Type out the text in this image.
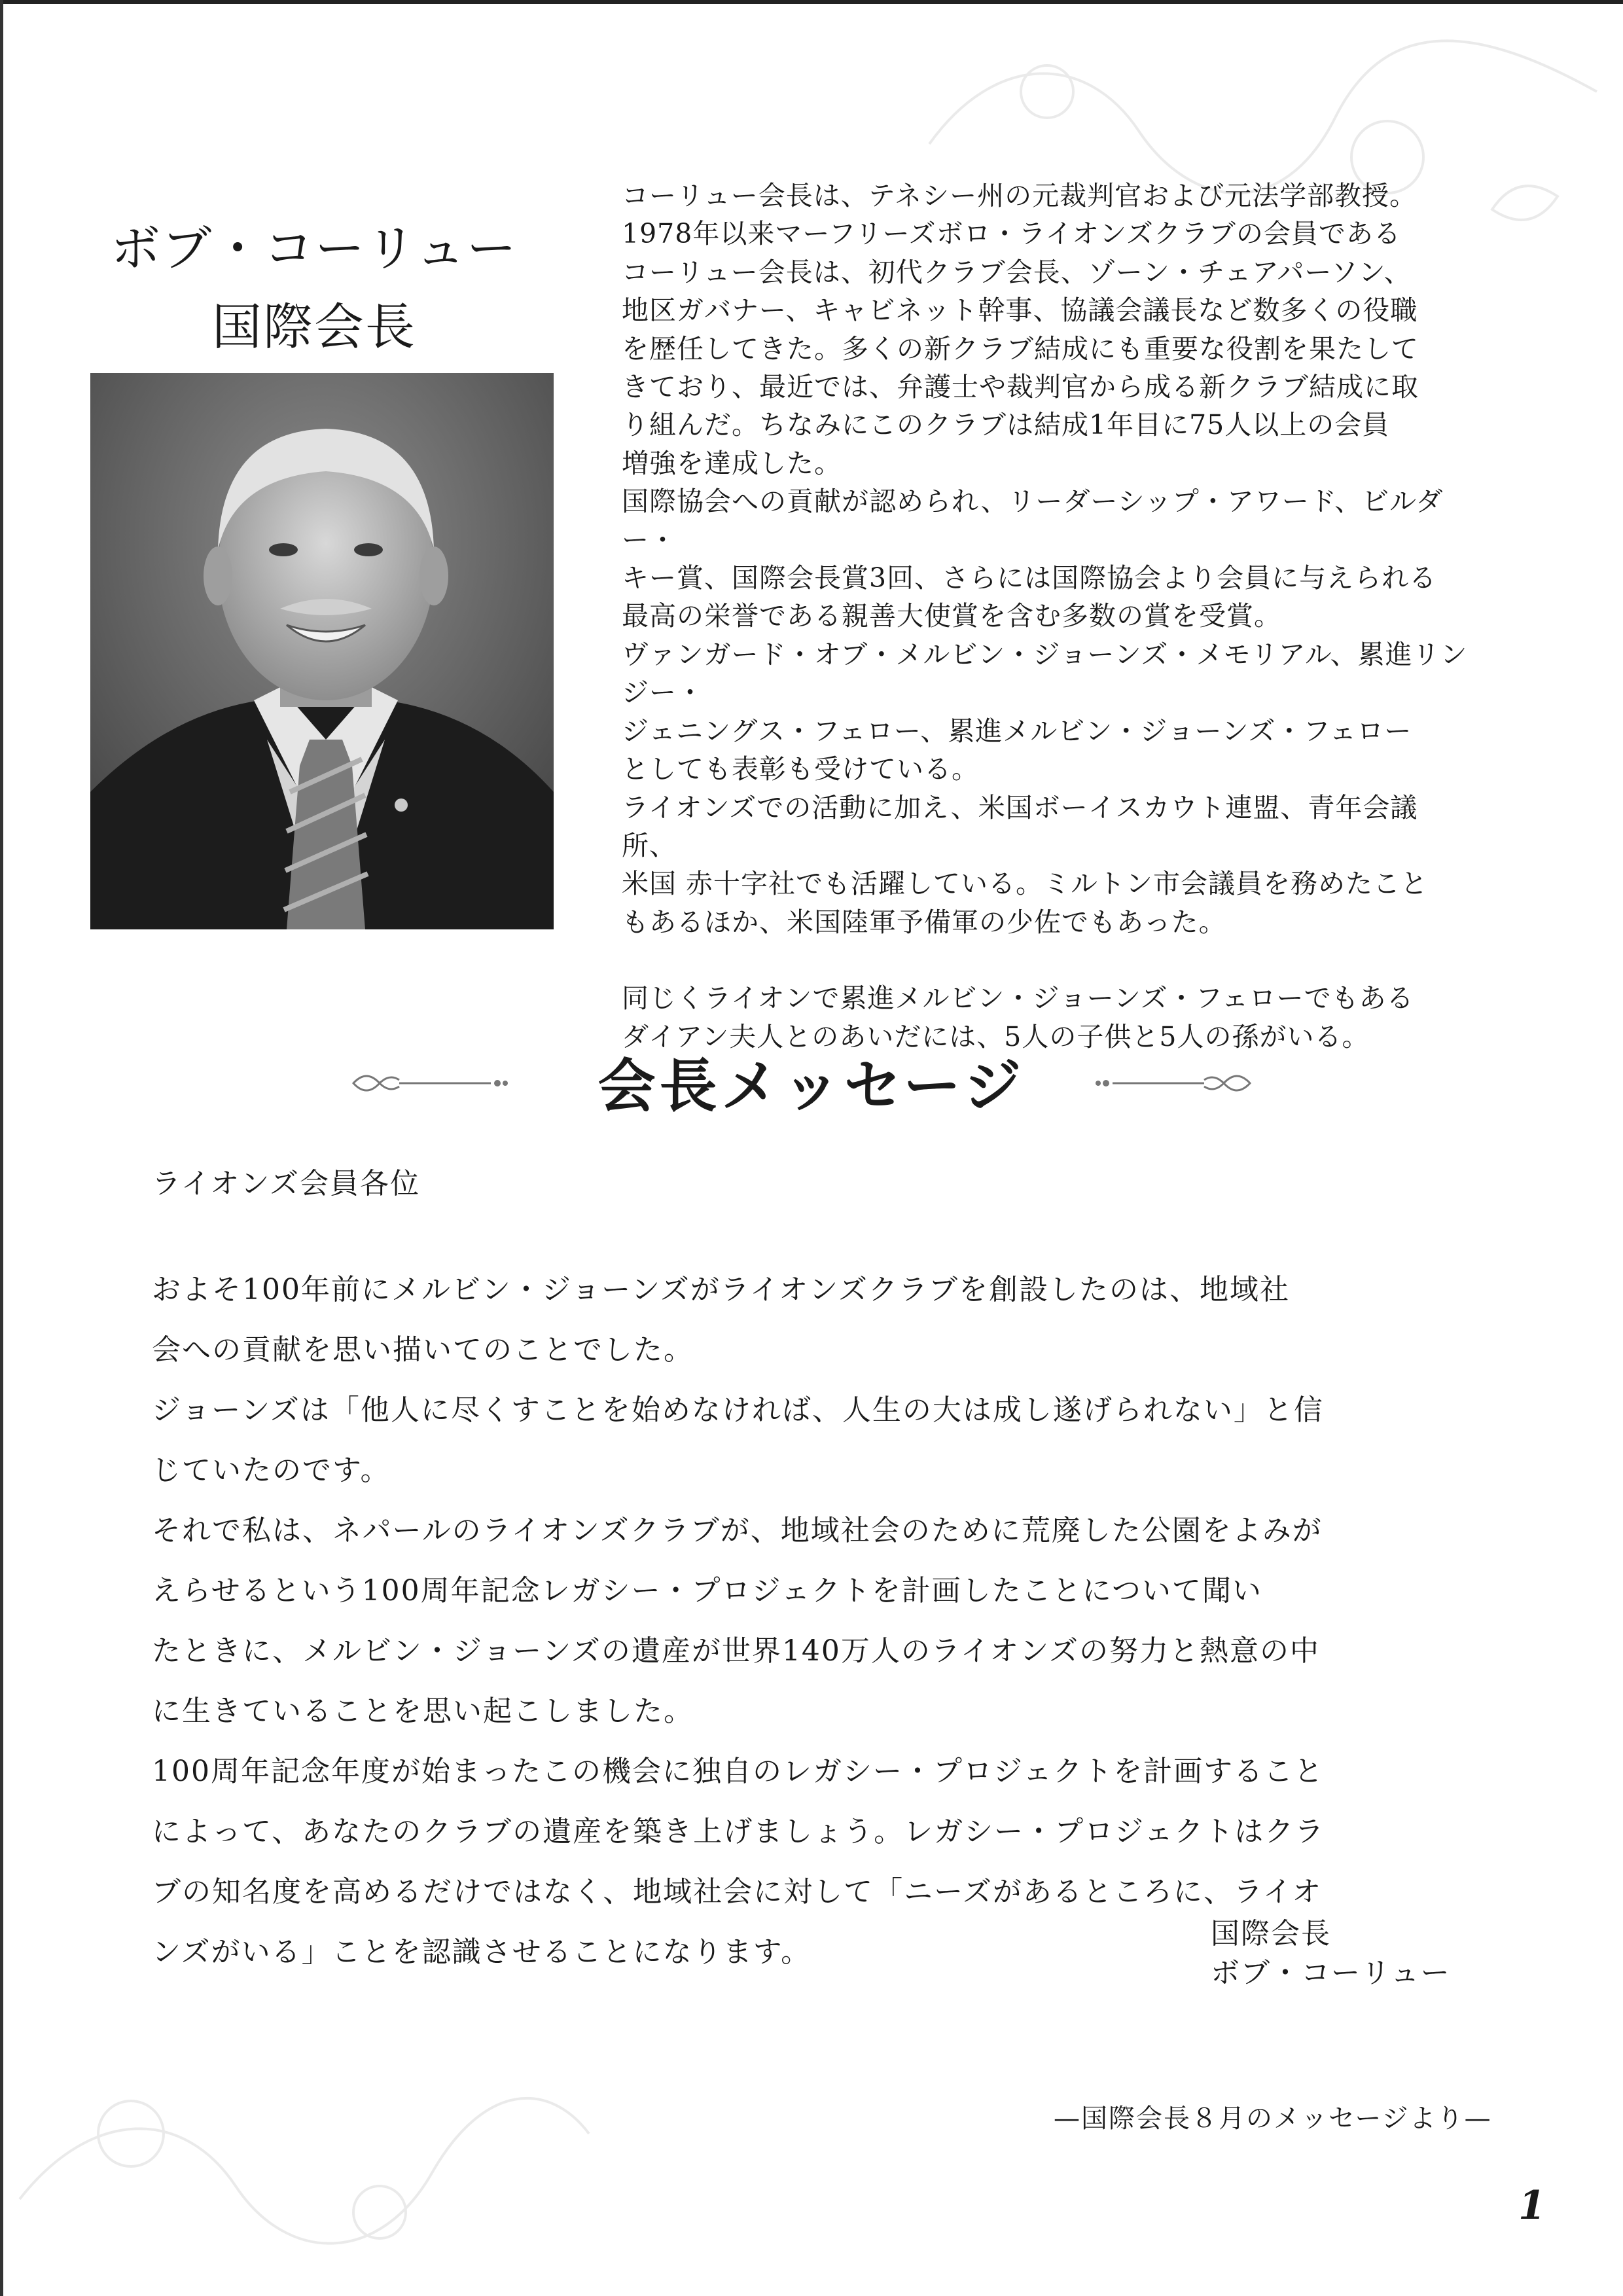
ボブ・コーリュー
国際会長

コーリュー会長は、テネシー州の元裁判官および元法学部教授。

1978年以来マーフリーズボロ・ライオンズクラブの会員である

コーリュー会長は、初代クラブ会長、ゾーン・チェアパーソン、

地区ガバナー、キャビネット幹事、協議会議長など数多くの役職

を歴任してきた。多くの新クラブ結成にも重要な役割を果たして

きており、最近では、弁護士や裁判官から成る新クラブ結成に取

り組んだ。ちなみにこのクラブは結成1年目に75人以上の会員

増強を達成した。

国際協会への貢献が認められ、リーダーシップ・アワード、ビルダー・

キー賞、国際会長賞3回、さらには国際協会より会員に与えられる

最高の栄誉である親善大使賞を含む多数の賞を受賞。

ヴァンガード・オブ・メルビン・ジョーンズ・メモリアル、累進リンジー・

ジェニングス・フェロー、累進メルビン・ジョーンズ・フェロー

としても表彰も受けている。

ライオンズでの活動に加え、米国ボーイスカウト連盟、青年会議所、

米国 赤十字社でも活躍している。ミルトン市会議員を務めたこと

もあるほか、米国陸軍予備軍の少佐でもあった。

同じくライオンで累進メルビン・ジョーンズ・フェローでもある

ダイアン夫人とのあいだには、5人の子供と5人の孫がいる。

会長メッセージ
ライオンズ会員各位

およそ100年前にメルビン・ジョーンズがライオンズクラブを創設したのは、地域社

会への貢献を思い描いてのことでした。

ジョーンズは「他人に尽くすことを始めなければ、人生の大は成し遂げられない」と信

じていたのです。

それで私は、ネパールのライオンズクラブが、地域社会のために荒廃した公園をよみが

えらせるという100周年記念レガシー・プロジェクトを計画したことについて聞い

たときに、メルビン・ジョーンズの遺産が世界140万人のライオンズの努力と熱意の中

に生きていることを思い起こしました。

100周年記念年度が始まったこの機会に独自のレガシー・プロジェクトを計画すること

によって、あなたのクラブの遺産を築き上げましょう。レガシー・プロジェクトはクラ

ブの知名度を高めるだけではなく、地域社会に対して「ニーズがあるところに、ライオ

ンズがいる」ことを認識させることになります。

国際会長
ボブ・コーリュー
—国際会長８月のメッセージより—
1
